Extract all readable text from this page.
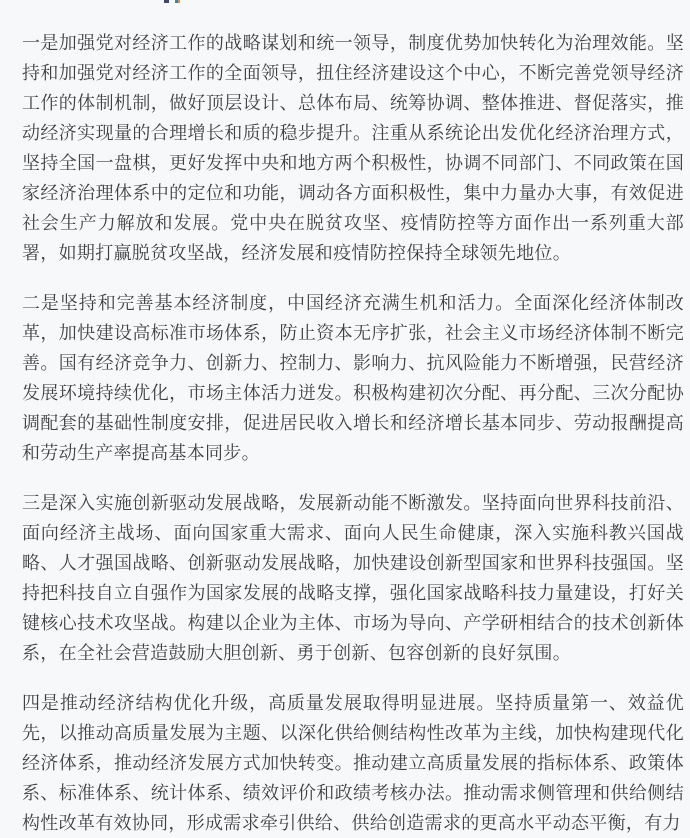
一是加强党对经济工作的战略谋划和统一领导，制度优势加快转化为治理效能。坚持和加强党对经济工作的全面领导，扭住经济建设这个中心，不断完善党领导经济工作的体制机制，做好顶层设计、总体布局、统筹协调、整体推进、督促落实，推动经济实现量的合理增长和质的稳步提升。注重从系统论出发优化经济治理方式，坚持全国一盘棋，更好发挥中央和地方两个积极性，协调不同部门、不同政策在国家经济治理体系中的定位和功能，调动各方面积极性，集中力量办大事，有效促进社会生产力解放和发展。党中央在脱贫攻坚、疫情防控等方面作出一系列重大部署，如期打赢脱贫攻坚战，经济发展和疫情防控保持全球领先地位。

二是坚持和完善基本经济制度，中国经济充满生机和活力。全面深化经济体制改革，加快建设高标准市场体系，防止资本无序扩张，社会主义市场经济体制不断完善。国有经济竞争力、创新力、控制力、影响力、抗风险能力不断增强，民营经济发展环境持续优化，市场主体活力迸发。积极构建初次分配、再分配、三次分配协调配套的基础性制度安排，促进居民收入增长和经济增长基本同步、劳动报酬提高和劳动生产率提高基本同步。

三是深入实施创新驱动发展战略，发展新动能不断激发。坚持面向世界科技前沿、面向经济主战场、面向国家重大需求、面向人民生命健康，深入实施科教兴国战略、人才强国战略、创新驱动发展战略，加快建设创新型国家和世界科技强国。坚持把科技自立自强作为国家发展的战略支撑，强化国家战略科技力量建设，打好关键核心技术攻坚战。构建以企业为主体、市场为导向、产学研相结合的技术创新体系，在全社会营造鼓励大胆创新、勇于创新、包容创新的良好氛围。

四是推动经济结构优化升级，高质量发展取得明显进展。坚持质量第一、效益优先，以推动高质量发展为主题、以深化供给侧结构性改革为主线，加快构建现代化经济体系，推动经济发展方式加快转变。推动建立高质量发展的指标体系、政策体系、标准体系、统计体系、绩效评价和政绩考核办法。推动需求侧管理和供给侧结构性改革有效协同，形成需求牵引供给、供给创造需求的更高水平动态平衡，有力
